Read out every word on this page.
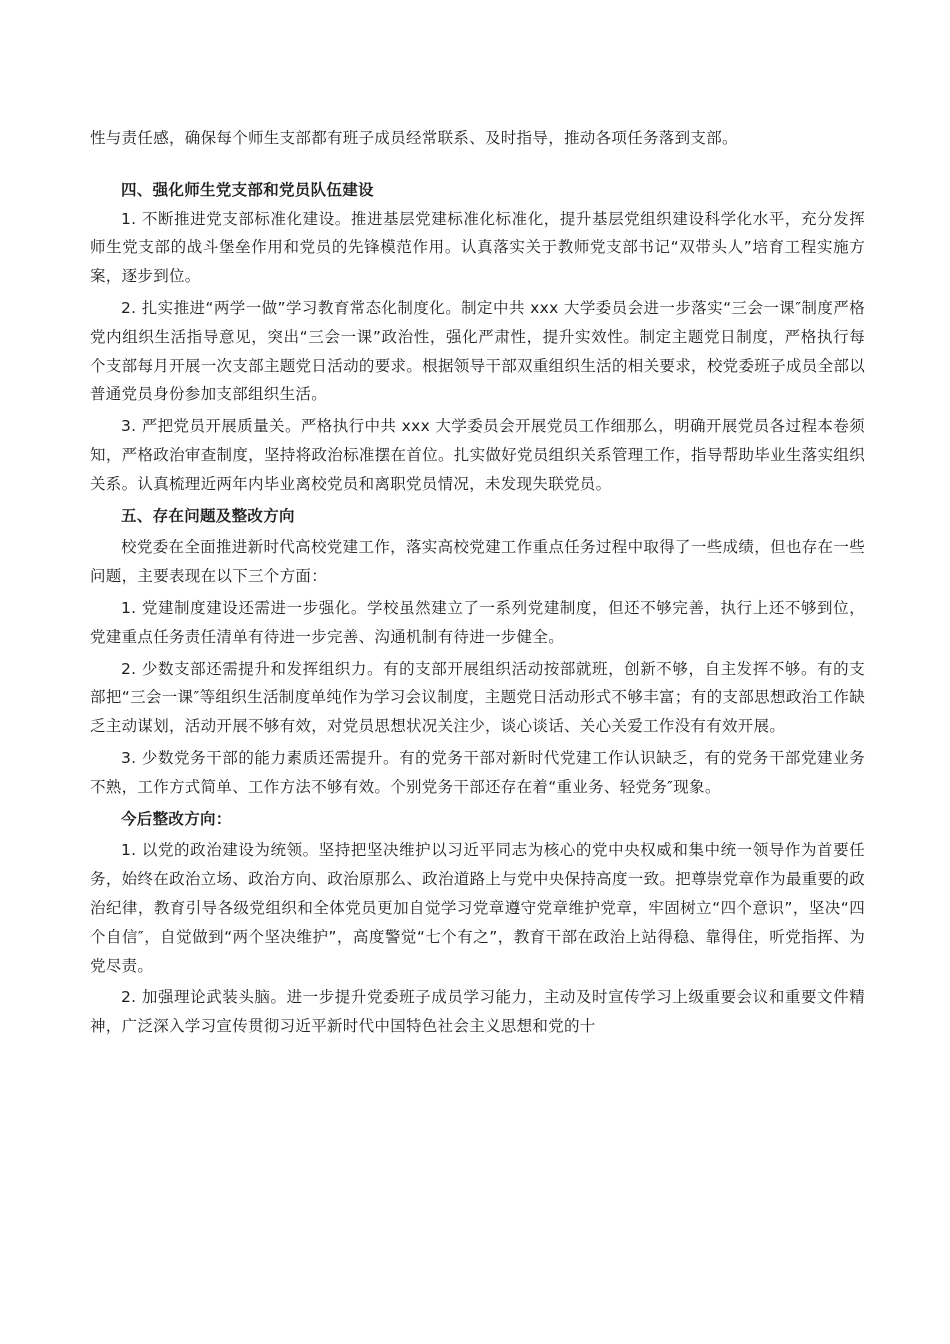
性与责任感，确保每个师生支部都有班子成员经常联系、及时指导，推动各项任务落到支部。

四、强化师生党支部和党员队伍建设

1. 不断推进党支部标准化建设。推进基层党建标准化标准化，提升基层党组织建设科学化水平，充分发挥师生党支部的战斗堡垒作用和党员的先锋模范作用。认真落实关于教师党支部书记“双带头人”培育工程实施方案，逐步到位。

2. 扎实推进“两学一做”学习教育常态化制度化。制定中共 xxx 大学委员会进一步落实“三会一课″制度严格党内组织生活指导意见，突出“三会一课”政治性，强化严肃性，提升实效性。制定主题党日制度，严格执行每个支部每月开展一次支部主题党日活动的要求。根据领导干部双重组织生活的相关要求，校党委班子成员全部以普通党员身份参加支部组织生活。

3. 严把党员开展质量关。严格执行中共 xxx 大学委员会开展党员工作细那么，明确开展党员各过程本卷须知，严格政治审查制度，坚持将政治标准摆在首位。扎实做好党员组织关系管理工作，指导帮助毕业生落实组织关系。认真梳理近两年内毕业离校党员和离职党员情况，未发现失联党员。

五、存在问题及整改方向

校党委在全面推进新时代高校党建工作，落实高校党建工作重点任务过程中取得了一些成绩，但也存在一些问题，主要表现在以下三个方面：

1. 党建制度建设还需进一步强化。学校虽然建立了一系列党建制度，但还不够完善，执行上还不够到位，党建重点任务责任清单有待进一步完善、沟通机制有待进一步健全。

2. 少数支部还需提升和发挥组织力。有的支部开展组织活动按部就班，创新不够，自主发挥不够。有的支部把“三会一课″等组织生活制度单纯作为学习会议制度，主题党日活动形式不够丰富；有的支部思想政治工作缺乏主动谋划，活动开展不够有效，对党员思想状况关注少，谈心谈话、关心关爱工作没有有效开展。

3. 少数党务干部的能力素质还需提升。有的党务干部对新时代党建工作认识缺乏，有的党务干部党建业务不熟，工作方式简单、工作方法不够有效。个别党务干部还存在着“重业务、轻党务″现象。

今后整改方向：

1. 以党的政治建设为统领。坚持把坚决维护以习近平同志为核心的党中央权威和集中统一领导作为首要任务，始终在政治立场、政治方向、政治原那么、政治道路上与党中央保持高度一致。把尊崇党章作为最重要的政治纪律，教育引导各级党组织和全体党员更加自觉学习党章遵守党章维护党章，牢固树立“四个意识”，坚决“四个自信″，自觉做到“两个坚决维护”，高度警觉“七个有之”，教育干部在政治上站得稳、靠得住，听党指挥、为党尽责。

2. 加强理论武装头脑。进一步提升党委班子成员学习能力，主动及时宣传学习上级重要会议和重要文件精神，广泛深入学习宣传贯彻习近平新时代中国特色社会主义思想和党的十
